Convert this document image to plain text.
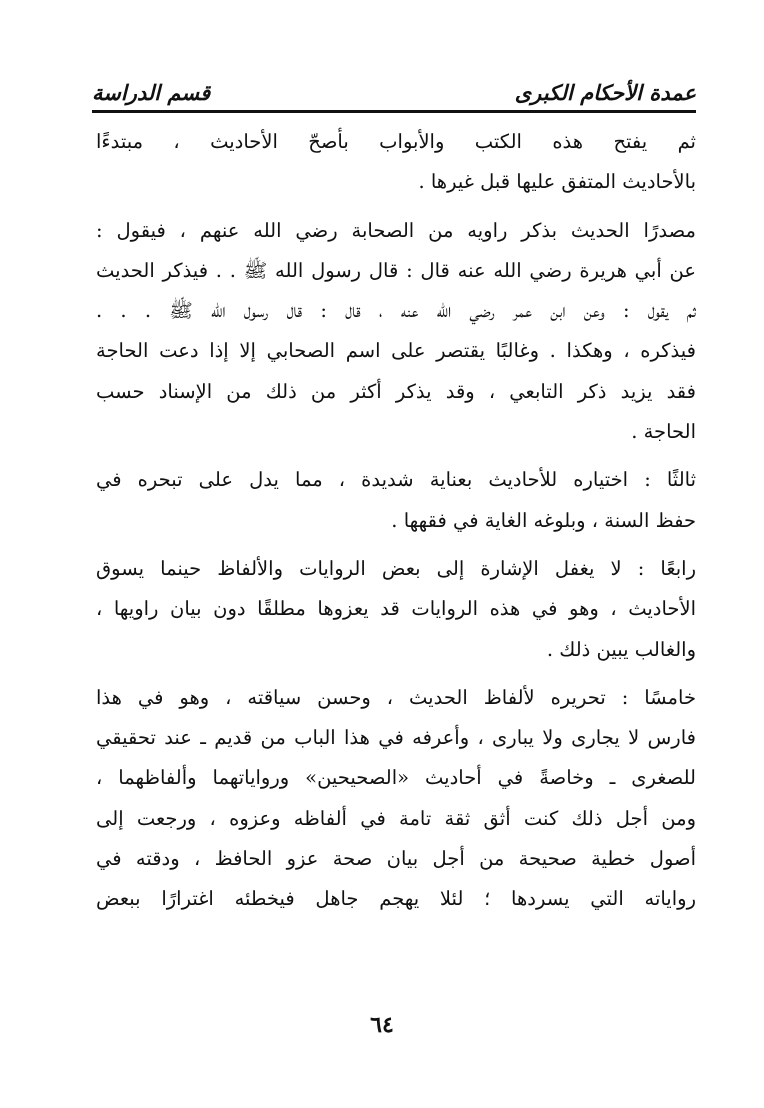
عمدة الأحكام الكبرى
قسم الدراسة
ثم يفتح هذه الكتب والأبواب بأصحّ الأحاديث ، مبتدءًا
بالأحاديث المتفق عليها قبل غيرها .
مصدرًا الحديث بذكر راويه من الصحابة رضي الله عنهم ، فيقول :
عن أبي هريرة رضي الله عنه قال : قال رسول الله ﷺ . . فيذكر الحديث
ثم يقول : وعن ابن عمر رضي الله عنه ، قال : قال رسول الله ﷺ . . .
فيذكره ، وهكذا . وغالبًا يقتصر على اسم الصحابي إلا إذا دعت الحاجة
فقد يزيد ذكر التابعي ، وقد يذكر أكثر من ذلك من الإسناد حسب
الحاجة .
ثالثًا : اختياره للأحاديث بعناية شديدة ، مما يدل على تبحره في
حفظ السنة ، وبلوغه الغاية في فقهها .
رابعًا : لا يغفل الإشارة إلى بعض الروايات والألفاظ حينما يسوق
الأحاديث ، وهو في هذه الروايات قد يعزوها مطلقًا دون بيان راويها ،
والغالب يبين ذلك .
خامسًا : تحريره لألفاظ الحديث ، وحسن سياقته ، وهو في هذا
فارس لا يجارى ولا يبارى ، وأعرفه في هذا الباب من قديم ـ عند تحقيقي
للصغرى ـ وخاصةً في أحاديث «الصحيحين» ورواياتهما وألفاظهما ،
ومن أجل ذلك كنت أثق ثقة تامة في ألفاظه وعزوه ، ورجعت إلى
أصول خطية صحيحة من أجل بيان صحة عزو الحافظ ، ودقته في
رواياته التي يسردها ؛ لئلا يهجم جاهل فيخطئه اغترارًا ببعض
٦٤
